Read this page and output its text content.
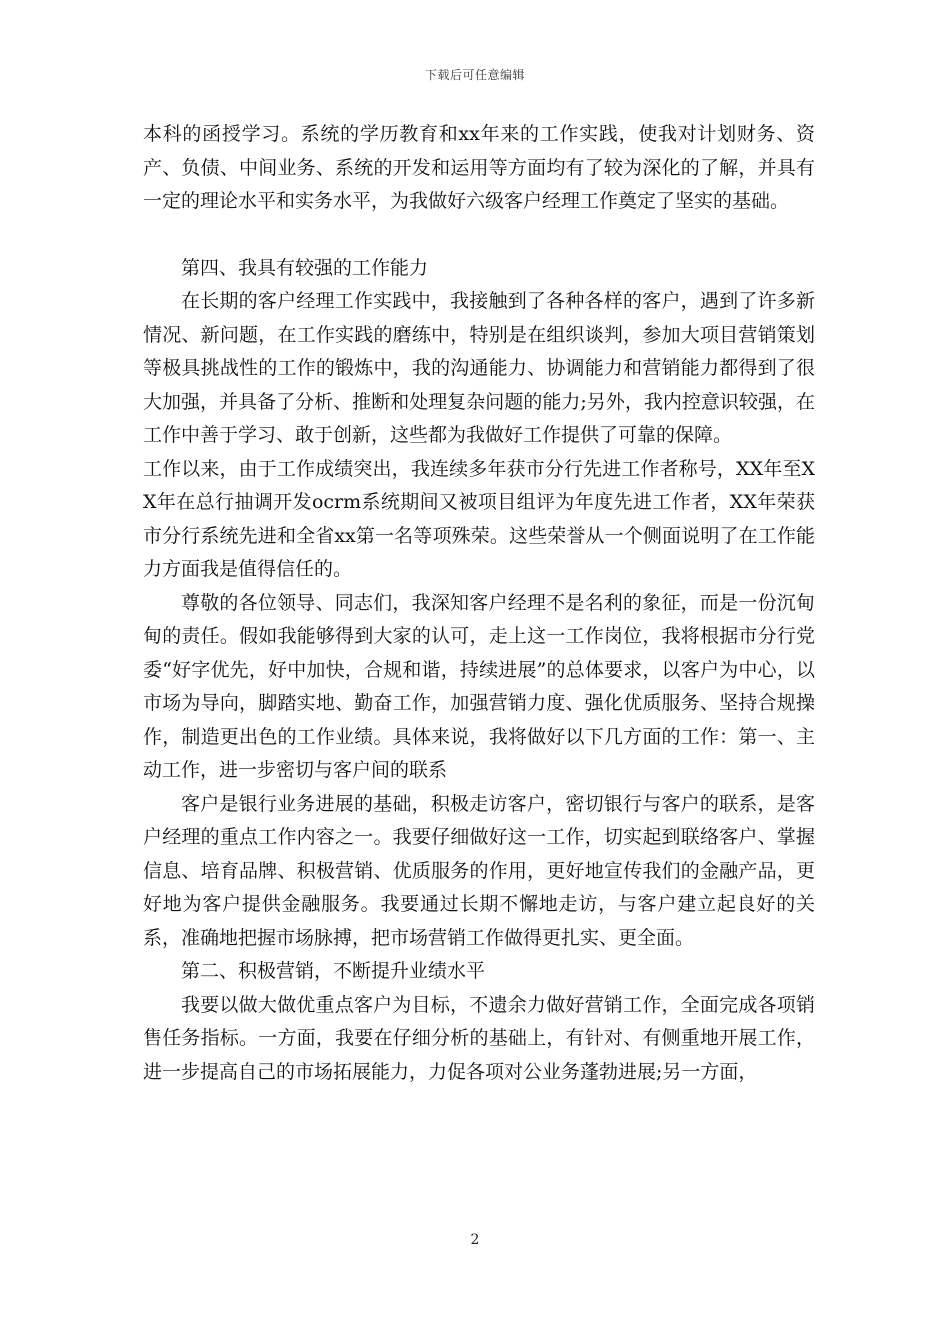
下载后可任意编辑

本科的函授学习。系统的学历教育和xx年来的工作实践，使我对计划财务、资产、负债、中间业务、系统的开发和运用等方面均有了较为深化的了解，并具有一定的理论水平和实务水平，为我做好六级客户经理工作奠定了坚实的基础。

第四、我具有较强的工作能力

在长期的客户经理工作实践中，我接触到了各种各样的客户，遇到了许多新情况、新问题，在工作实践的磨练中，特别是在组织谈判，参加大项目营销策划等极具挑战性的工作的锻炼中，我的沟通能力、协调能力和营销能力都得到了很大加强，并具备了分析、推断和处理复杂问题的能力;另外，我内控意识较强，在工作中善于学习、敢于创新，这些都为我做好工作提供了可靠的保障。

工作以来，由于工作成绩突出，我连续多年获市分行先进工作者称号，XX年至XX年在总行抽调开发ocrm系统期间又被项目组评为年度先进工作者，XX年荣获市分行系统先进和全省xx第一名等项殊荣。这些荣誉从一个侧面说明了在工作能力方面我是值得信任的。

尊敬的各位领导、同志们，我深知客户经理不是名利的象征，而是一份沉甸甸的责任。假如我能够得到大家的认可，走上这一工作岗位，我将根据市分行党委“好字优先，好中加快，合规和谐，持续进展”的总体要求，以客户为中心，以市场为导向，脚踏实地、勤奋工作，加强营销力度、强化优质服务、坚持合规操作，制造更出色的工作业绩。具体来说，我将做好以下几方面的工作：第一、主动工作，进一步密切与客户间的联系

客户是银行业务进展的基础，积极走访客户，密切银行与客户的联系，是客户经理的重点工作内容之一。我要仔细做好这一工作，切实起到联络客户、掌握信息、培育品牌、积极营销、优质服务的作用，更好地宣传我们的金融产品，更好地为客户提供金融服务。我要通过长期不懈地走访，与客户建立起良好的关系，准确地把握市场脉搏，把市场营销工作做得更扎实、更全面。

第二、积极营销，不断提升业绩水平

我要以做大做优重点客户为目标，不遗余力做好营销工作，全面完成各项销售任务指标。一方面，我要在仔细分析的基础上，有针对、有侧重地开展工作，进一步提高自己的市场拓展能力，力促各项对公业务蓬勃进展;另一方面，

2
